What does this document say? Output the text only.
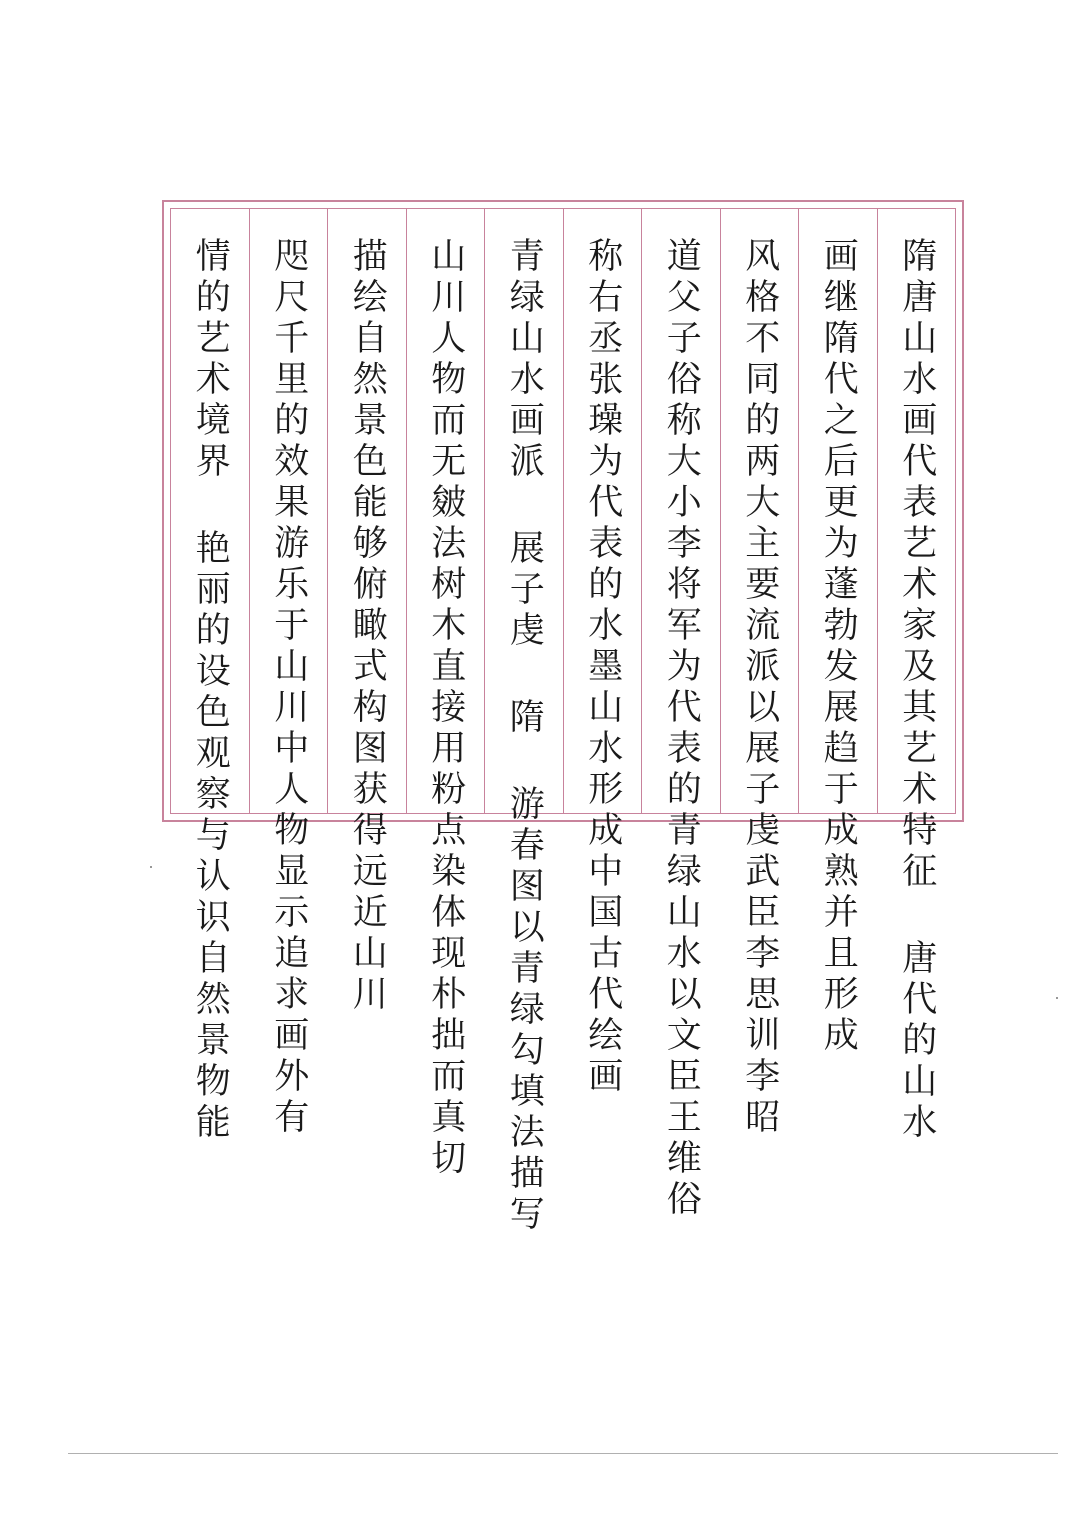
隋唐山水画代表艺术家及其艺术特征 唐代的山水
画继隋代之后更为蓬勃发展趋于成熟并且形成
风格不同的两大主要流派以展子虔武臣李思训李昭
道父子俗称大小李将军为代表的青绿山水以文臣王维俗
称右丞张璪为代表的水墨山水形成中国古代绘画
青绿山水画派 展子虔 隋 游春图以青绿勾填法描写
山川人物而无皴法树木直接用粉点染体现朴拙而真切
描绘自然景色能够俯瞰式构图获得远近山川
咫尺千里的效果游乐于山川中人物显示追求画外有
情的艺术境界 艳丽的设色观察与认识自然景物能
